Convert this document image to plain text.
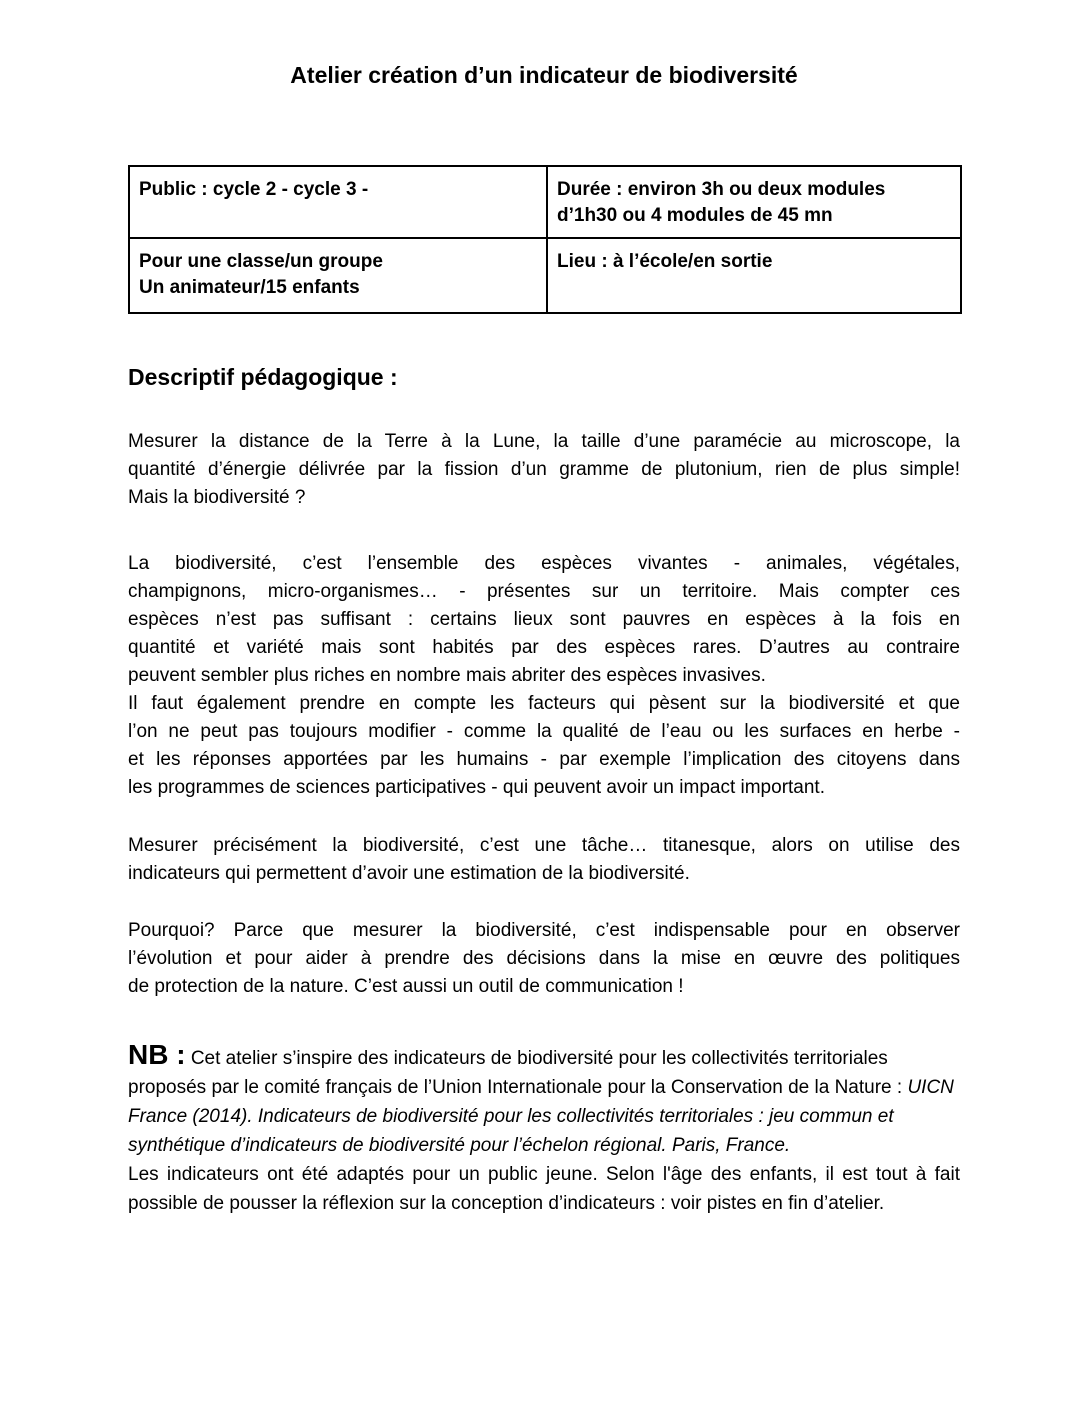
Atelier création d’un indicateur de biodiversité
Public : cycle 2 - cycle 3 -	Durée : environ 3h ou deux modules
d’1h30 ou 4 modules de 45 mn
Pour une classe/un groupe
Un animateur/15 enfants	Lieu : à l’école/en sortie
Descriptif pédagogique :
Mesurer la distance de la Terre à la Lune, la taille d’une paramécie au microscope, la
quantité d’énergie délivrée par la fission d’un gramme de plutonium, rien de plus simple!
Mais la biodiversité ?
La biodiversité, c’est l’ensemble des espèces vivantes - animales, végétales,
champignons, micro-organismes… - présentes sur un territoire. Mais compter ces
espèces n’est pas suffisant : certains lieux sont pauvres en espèces à la fois en
quantité et variété mais sont habités par des espèces rares. D’autres au contraire
peuvent sembler plus riches en nombre mais abriter des espèces invasives.
Il faut également prendre en compte les facteurs qui pèsent sur la biodiversité et que
l’on ne peut pas toujours modifier - comme la qualité de l’eau ou les surfaces en herbe -
et les réponses apportées par les humains - par exemple l’implication des citoyens dans
les programmes de sciences participatives - qui peuvent avoir un impact important.
Mesurer précisément la biodiversité, c’est une tâche… titanesque, alors on utilise des
indicateurs qui permettent d’avoir une estimation de la biodiversité.
Pourquoi? Parce que mesurer la biodiversité, c’est indispensable pour en observer
l’évolution et pour aider à prendre des décisions dans la mise en œuvre des politiques
de protection de la nature. C’est aussi un outil de communication !
NB : Cet atelier s’inspire des indicateurs de biodiversité pour les collectivités territoriales proposés par le comité français de l’Union Internationale pour la Conservation de la Nature : UICN France (2014). Indicateurs de biodiversité pour les collectivités territoriales : jeu commun et synthétique d’indicateurs de biodiversité pour l’échelon régional. Paris, France.
Les indicateurs ont été adaptés pour un public jeune. Selon l'âge des enfants, il est tout à fait possible de pousser la réflexion sur la conception d’indicateurs : voir pistes en fin d’atelier.
